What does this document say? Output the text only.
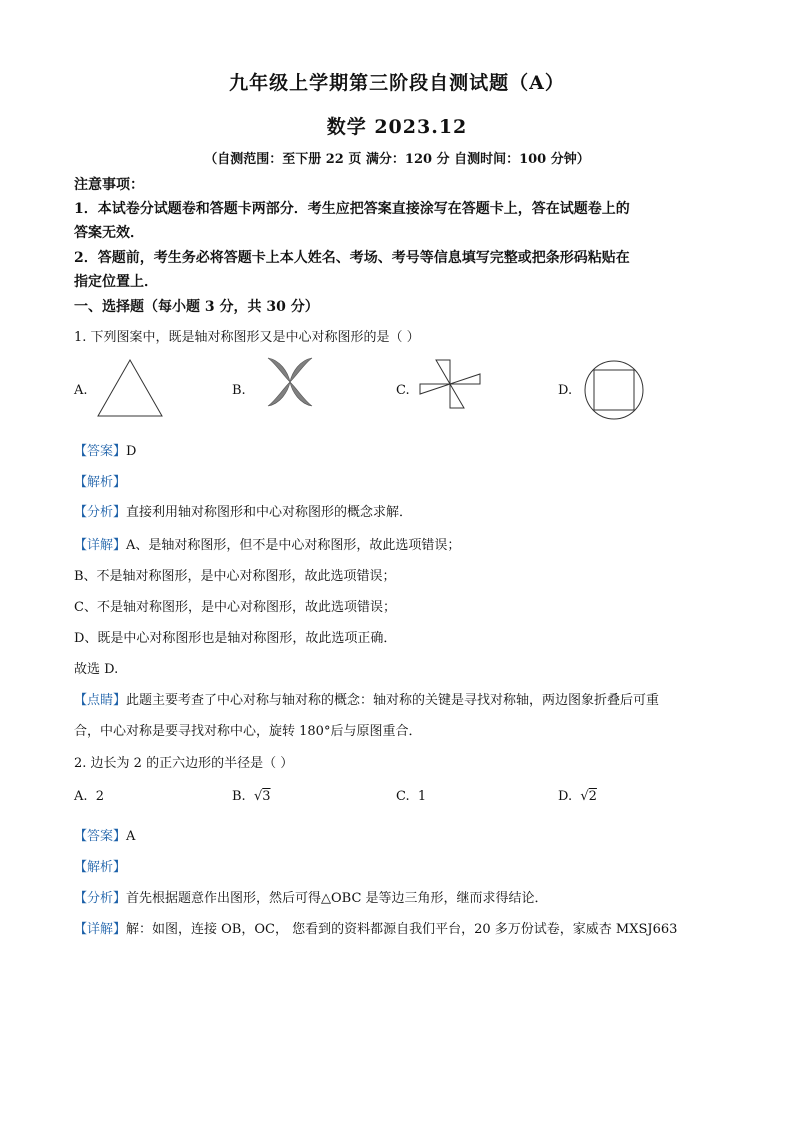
九年级上学期第三阶段自测试题（A）
数学 2023.12
（自测范围：至下册 22 页 满分：120 分 自测时间：100 分钟）
注意事项：
1．本试卷分试题卷和答题卡两部分．考生应把答案直接涂写在答题卡上，答在试题卷上的
答案无效．
2．答题前，考生务必将答题卡上本人姓名、考场、考号等信息填写完整或把条形码粘贴在
指定位置上．
一、选择题（每小题 3 分，共 30 分）
1. 下列图案中，既是轴对称图形又是中心对称图形的是（ ）
A.	B.	C.	D.
【答案】D
【解析】
【分析】直接利用轴对称图形和中心对称图形的概念求解．
【详解】A、是轴对称图形，但不是中心对称图形，故此选项错误；
B、不是轴对称图形，是中心对称图形，故此选项错误；
C、不是轴对称图形，是中心对称图形，故此选项错误；
D、既是中心对称图形也是轴对称图形，故此选项正确．
故选 D.
【点睛】此题主要考查了中心对称与轴对称的概念：轴对称的关键是寻找对称轴，两边图象折叠后可重
合，中心对称是要寻找对称中心，旋转 180°后与原图重合．
2. 边长为 2 的正六边形的半径是（ ）
A. 2	B. √3	C. 1	D. √2
【答案】A
【解析】
【分析】首先根据题意作出图形，然后可得△OBC 是等边三角形，继而求得结论．
【详解】解：如图，连接 OB，OC， 您看到的资料都源自我们平台，20 多万份试卷，家威杏 MXSJ663
